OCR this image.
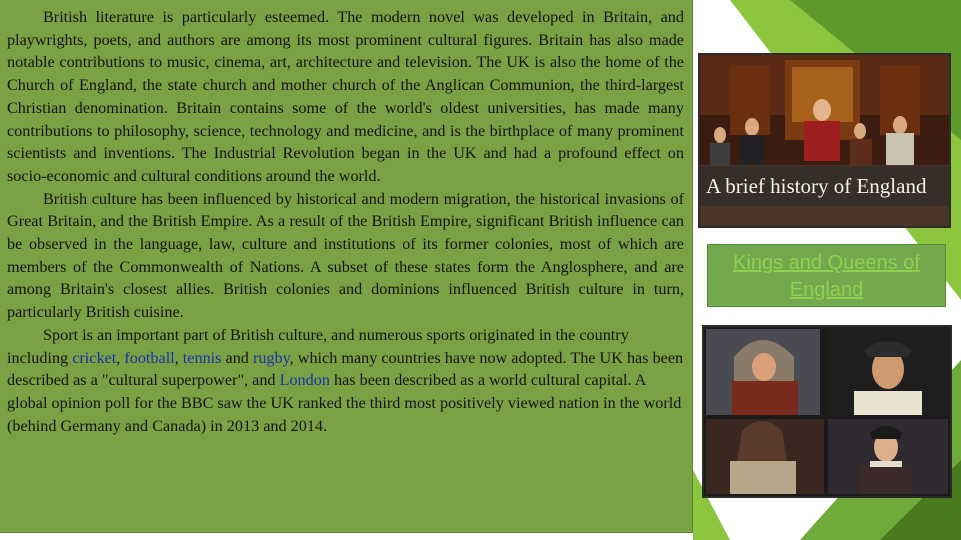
British literature is particularly esteemed. The modern novel was developed in Britain, and playwrights, poets, and authors are among its most prominent cultural figures. Britain has also made notable contributions to music, cinema, art, architecture and television. The UK is also the home of the Church of England, the state church and mother church of the Anglican Communion, the third-largest Christian denomination. Britain contains some of the world's oldest universities, has made many contributions to philosophy, science, technology and medicine, and is the birthplace of many prominent scientists and inventions. The Industrial Revolution began in the UK and had a profound effect on socio-economic and cultural conditions around the world.

British culture has been influenced by historical and modern migration, the historical invasions of Great Britain, and the British Empire. As a result of the British Empire, significant British influence can be observed in the language, law, culture and institutions of its former colonies, most of which are members of the Commonwealth of Nations. A subset of these states form the Anglosphere, and are among Britain's closest allies. British colonies and dominions influenced British culture in turn, particularly British cuisine.

Sport is an important part of British culture, and numerous sports originated in the country including cricket, football, tennis and rugby, which many countries have now adopted. The UK has been described as a "cultural superpower", and London has been described as a world cultural capital. A global opinion poll for the BBC saw the UK ranked the third most positively viewed nation in the world (behind Germany and Canada) in 2013 and 2014.

A brief history of England
Kings and Queens of England
